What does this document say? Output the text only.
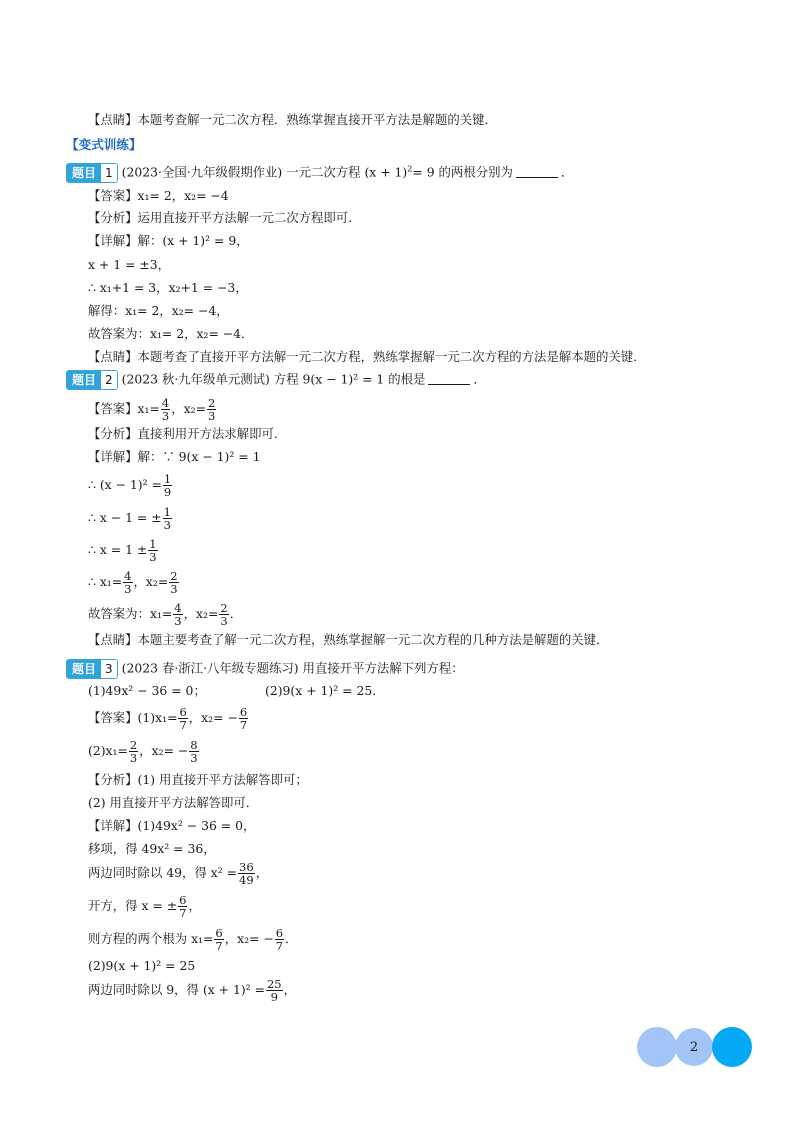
【点睛】本题考查解一元二次方程．熟练掌握直接开平方法是解题的关键．
【变式训练】
题目 1 (2023·全国·九年级假期作业) 一元二次方程 $(x + 1)^2= 9$ 的两根分别为	．
【答案】x₁= 2，x₂= −4
【分析】运用直接开平方法解一元二次方程即可．
【详解】解：(x + 1)² = 9，
x + 1 = ±3，
∴ x₁+1 = 3，x₂+1 = −3，
解得：x₁= 2，x₂= −4，
故答案为：x₁= 2，x₂= −4．
【点睛】本题考查了直接开平方法解一元二次方程，熟练掌握解一元二次方程的方法是解本题的关键．
题目 2 (2023 秋·九年级单元测试) 方程 9(x − 1)² = 1 的根是	．
【答案】$x_1= \frac{4}{3}$ ，$x_2= \frac{2}{3}$
【分析】直接利用开方法求解即可．
【详解】解：∵ 9(x − 1)² = 1
∴ $(x - 1)^2 = \frac{1}{9}$
∴ x − 1 = ± $\frac{1}{3}$
∴ $x = 1 \pm \frac{1}{3}$
∴ $x_1= \frac{4}{3}$ ，$x_2= \frac{2}{3}$
故答案为：$x_1= \frac{4}{3}$ ，$x_2= \frac{2}{3}$ ．
【点睛】本题主要考查了解一元二次方程，熟练掌握解一元二次方程的几种方法是解题的关键．
题目 3 (2023 春·浙江·八年级专题练习) 用直接开平方法解下列方程：
(1)49x² − 36 = 0；	(2)9(x + 1)² = 25．
【答案】$(1)x_1= \frac{6}{7}$ ，$x_2= - \frac{6}{7}$
$(2)x_1= \frac{2}{3}$ ，$x_2= - \frac{8}{3}$
【分析】(1) 用直接开平方法解答即可；
(2) 用直接开平方法解答即可．
【详解】(1)49x² − 36 = 0，
移项，得 49x² = 36，
两边同时除以 49，得 $x^2 = \frac{36}{49}$ ，
开方，得 x = ± $\frac{6}{7}$ ，
则方程的两个根为 $x_1= \frac{6}{7}$ ，$x_2= - \frac{6}{7}$ ．
(2)9(x + 1)² = 25
两边同时除以 9，得 $(x + 1)^2 = \frac{25}{9}$ ，
2
